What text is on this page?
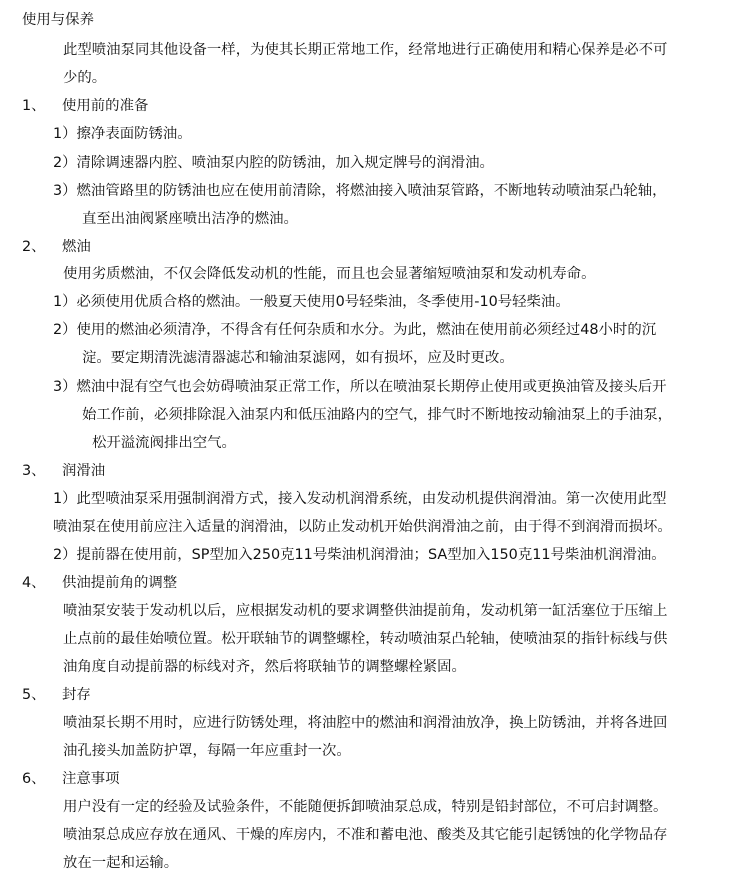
使用与保养
此型喷油泵同其他设备一样，为使其长期正常地工作，经常地进行正确使用和精心保养是必不可
少的。
1、 使用前的准备
1）擦净表面防锈油。
2）清除调速器内腔、喷油泵内腔的防锈油，加入规定牌号的润滑油。
3）燃油管路里的防锈油也应在使用前清除，将燃油接入喷油泵管路，不断地转动喷油泵凸轮轴，
直至出油阀紧座喷出洁净的燃油。
2、 燃油
使用劣质燃油，不仅会降低发动机的性能，而且也会显著缩短喷油泵和发动机寿命。
1）必须使用优质合格的燃油。一般夏天使用0号轻柴油，冬季使用-10号轻柴油。
2）使用的燃油必须清净，不得含有任何杂质和水分。为此，燃油在使用前必须经过48小时的沉
淀。要定期清洗滤清器滤芯和输油泵滤网，如有损坏，应及时更改。
3）燃油中混有空气也会妨碍喷油泵正常工作，所以在喷油泵长期停止使用或更换油管及接头后开
始工作前，必须排除混入油泵内和低压油路内的空气，排气时不断地按动输油泵上的手油泵，
松开溢流阀排出空气。
3、 润滑油
1）此型喷油泵采用强制润滑方式，接入发动机润滑系统，由发动机提供润滑油。第一次使用此型
喷油泵在使用前应注入适量的润滑油，以防止发动机开始供润滑油之前，由于得不到润滑而损坏。
2）提前器在使用前，SP型加入250克11号柴油机润滑油；SA型加入150克11号柴油机润滑油。
4、 供油提前角的调整
喷油泵安装于发动机以后，应根据发动机的要求调整供油提前角，发动机第一缸活塞位于压缩上
止点前的最佳始喷位置。松开联轴节的调整螺栓，转动喷油泵凸轮轴，使喷油泵的指针标线与供
油角度自动提前器的标线对齐，然后将联轴节的调整螺栓紧固。
5、 封存
喷油泵长期不用时，应进行防锈处理，将油腔中的燃油和润滑油放净，换上防锈油，并将各进回
油孔接头加盖防护罩，每隔一年应重封一次。
6、 注意事项
用户没有一定的经验及试验条件，不能随便拆卸喷油泵总成，特别是铅封部位，不可启封调整。
喷油泵总成应存放在通风、干燥的库房内，不准和蓄电池、酸类及其它能引起锈蚀的化学物品存
放在一起和运输。
